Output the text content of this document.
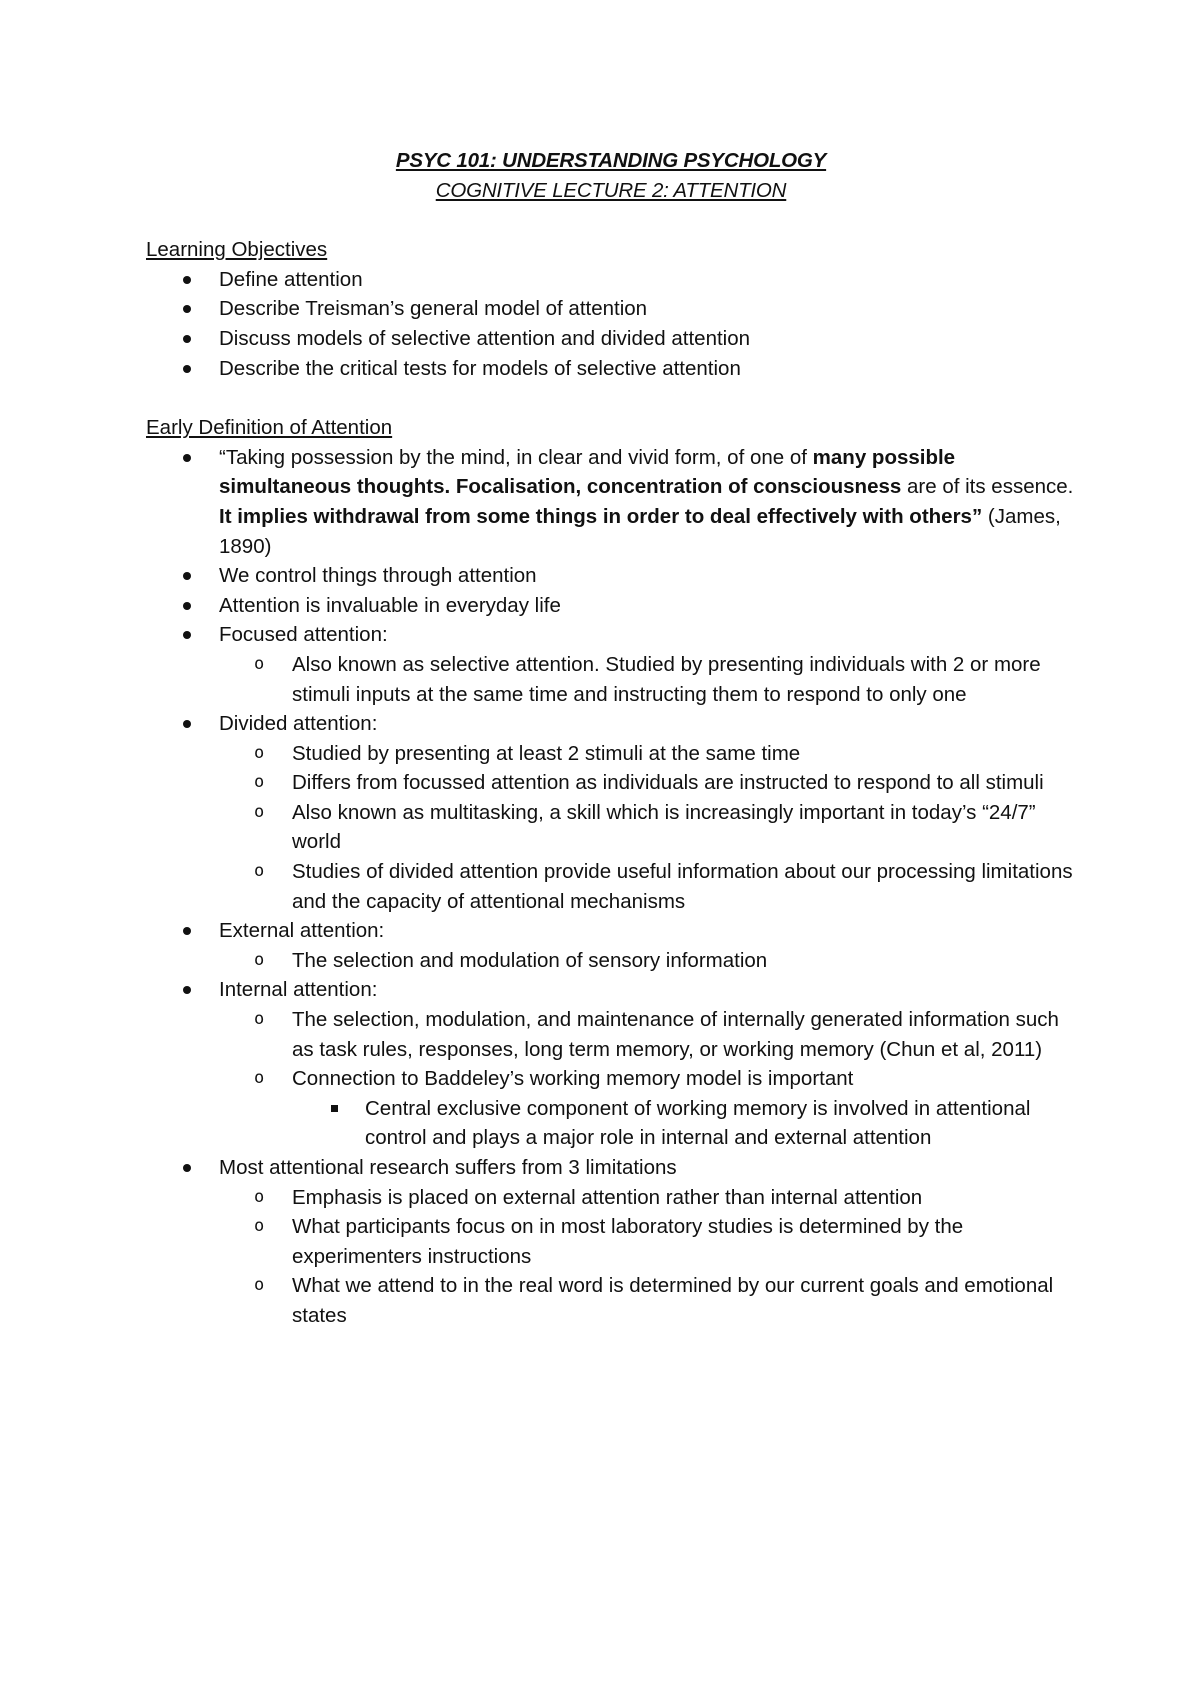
PSYC 101: UNDERSTANDING PSYCHOLOGY
COGNITIVE LECTURE 2: ATTENTION
Learning Objectives
Define attention
Describe Treisman’s general model of attention
Discuss models of selective attention and divided attention
Describe the critical tests for models of selective attention
Early Definition of Attention
“Taking possession by the mind, in clear and vivid form, of one of many possible simultaneous thoughts. Focalisation, concentration of consciousness are of its essence. It implies withdrawal from some things in order to deal effectively with others” (James, 1890)
We control things through attention
Attention is invaluable in everyday life
Focused attention:
o Also known as selective attention. Studied by presenting individuals with 2 or more stimuli inputs at the same time and instructing them to respond to only one
Divided attention:
o Studied by presenting at least 2 stimuli at the same time
o Differs from focussed attention as individuals are instructed to respond to all stimuli
o Also known as multitasking, a skill which is increasingly important in today’s “24/7” world
o Studies of divided attention provide useful information about our processing limitations and the capacity of attentional mechanisms
External attention:
o The selection and modulation of sensory information
Internal attention:
o The selection, modulation, and maintenance of internally generated information such as task rules, responses, long term memory, or working memory (Chun et al, 2011)
o Connection to Baddeley’s working memory model is important
Central exclusive component of working memory is involved in attentional control and plays a major role in internal and external attention
Most attentional research suffers from 3 limitations
o Emphasis is placed on external attention rather than internal attention
o What participants focus on in most laboratory studies is determined by the experimenters instructions
o What we attend to in the real word is determined by our current goals and emotional states
